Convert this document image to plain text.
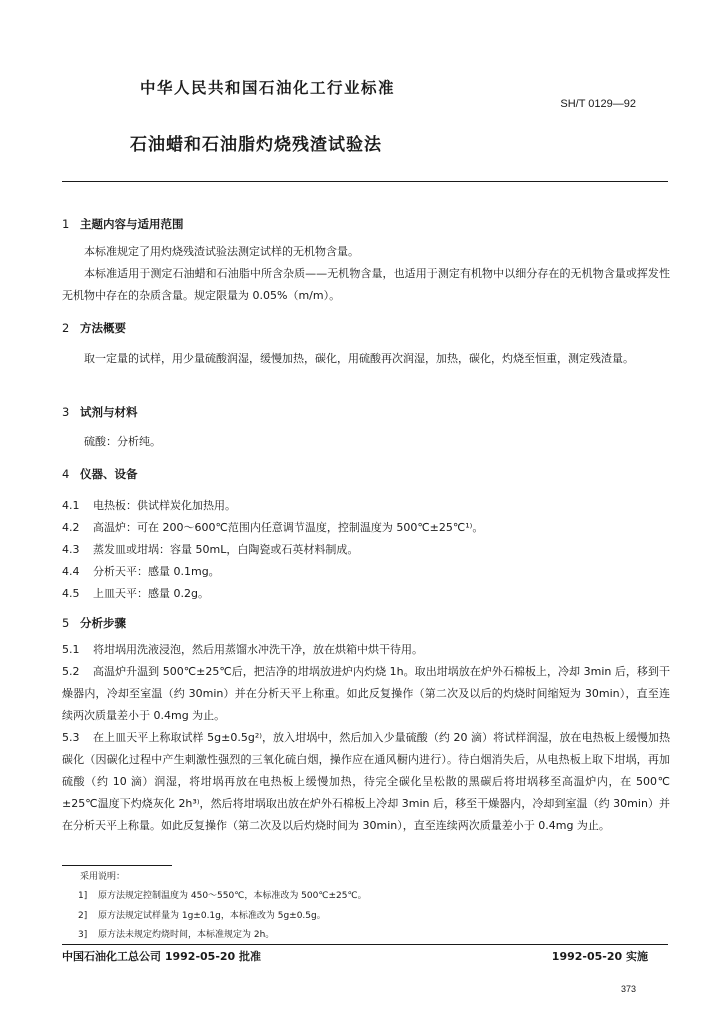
中华人民共和国石油化工行业标准
SH/T 0129—92
石油蜡和石油脂灼烧残渣试验法
1 主题内容与适用范围
本标准规定了用灼烧残渣试验法测定试样的无机物含量。
本标准适用于测定石油蜡和石油脂中所含杂质——无机物含量，也适用于测定有机物中以细分存在的无机物含量或挥发性无机物中存在的杂质含量。规定限量为 0.05%（m/m）。
2 方法概要
取一定量的试样，用少量硫酸润湿，缓慢加热，碳化，用硫酸再次润湿，加热，碳化，灼烧至恒重，测定残渣量。
3 试剂与材料
硫酸：分析纯。
4 仪器、设备
4.1 电热板：供试样炭化加热用。
4.2 高温炉：可在 200～600℃范围内任意调节温度，控制温度为 500℃±25℃¹⁾。
4.3 蒸发皿或坩埚：容量 50mL，白陶瓷或石英材料制成。
4.4 分析天平：感量 0.1mg。
4.5 上皿天平：感量 0.2g。
5 分析步骤
5.1 将坩埚用洗液浸泡，然后用蒸馏水冲洗干净，放在烘箱中烘干待用。
5.2 高温炉升温到 500℃±25℃后，把洁净的坩埚放进炉内灼烧 1h。取出坩埚放在炉外石棉板上，冷却 3min 后，移到干燥器内，冷却至室温（约 30min）并在分析天平上称重。如此反复操作（第二次及以后的灼烧时间缩短为 30min），直至连续两次质量差小于 0.4mg 为止。
5.3 在上皿天平上称取试样 5g±0.5g²⁾，放入坩埚中，然后加入少量硫酸（约 20 滴）将试样润湿，放在电热板上缓慢加热碳化（因碳化过程中产生刺激性强烈的三氧化硫白烟，操作应在通风橱内进行）。待白烟消失后，从电热板上取下坩埚，再加硫酸（约 10 滴）润湿，将坩埚再放在电热板上缓慢加热，待完全碳化呈松散的黑碳后将坩埚移至高温炉内，在 500℃±25℃温度下灼烧灰化 2h³⁾，然后将坩埚取出放在炉外石棉板上冷却 3min 后，移至干燥器内，冷却到室温（约 30min）并在分析天平上称量。如此反复操作（第二次及以后灼烧时间为 30min），直至连续两次质量差小于 0.4mg 为止。
采用说明：
1] 原方法规定控制温度为 450～550℃，本标准改为 500℃±25℃。
2] 原方法规定试样量为 1g±0.1g，本标准改为 5g±0.5g。
3] 原方法未规定灼烧时间，本标准规定为 2h。
中国石油化工总公司 1992-05-20 批准	1992-05-20 实施
373
